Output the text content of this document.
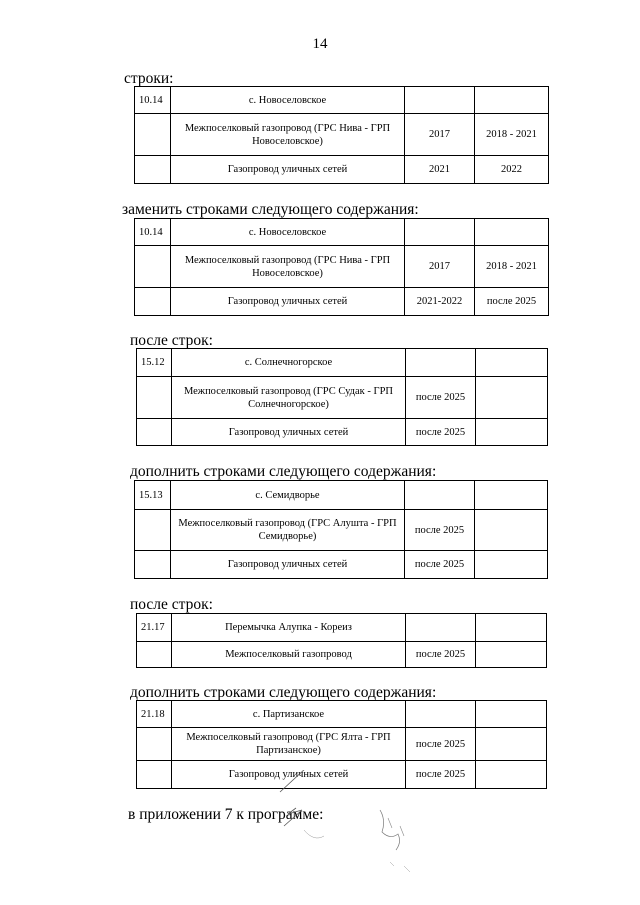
14
строки:
10.14	с. Новоселовское		
	Межпоселковый газопровод (ГРС Нива - ГРП Новоселовское)	2017	2018 - 2021
	Газопровод уличных сетей	2021	2022
заменить строками следующего содержания:
10.14	с. Новоселовское		
	Межпоселковый газопровод (ГРС Нива - ГРП Новоселовское)	2017	2018 - 2021
	Газопровод уличных сетей	2021-2022	после 2025
после строк:
15.12	с. Солнечногорское		
	Межпоселковый газопровод (ГРС Судак - ГРП Солнечногорское)	после 2025	
	Газопровод уличных сетей	после 2025	
дополнить строками следующего содержания:
15.13	с. Семидворье		
	Межпоселковый газопровод (ГРС Алушта - ГРП Семидворье)	после 2025	
	Газопровод уличных сетей	после 2025	
после строк:
21.17	Перемычка Алупка - Кореиз		
	Межпоселковый газопровод	после 2025	
дополнить строками следующего содержания:
21.18	с. Партизанское		
	Межпоселковый газопровод (ГРС Ялта - ГРП Партизанское)	после 2025	
	Газопровод уличных сетей	после 2025	
в приложении 7 к программе:
